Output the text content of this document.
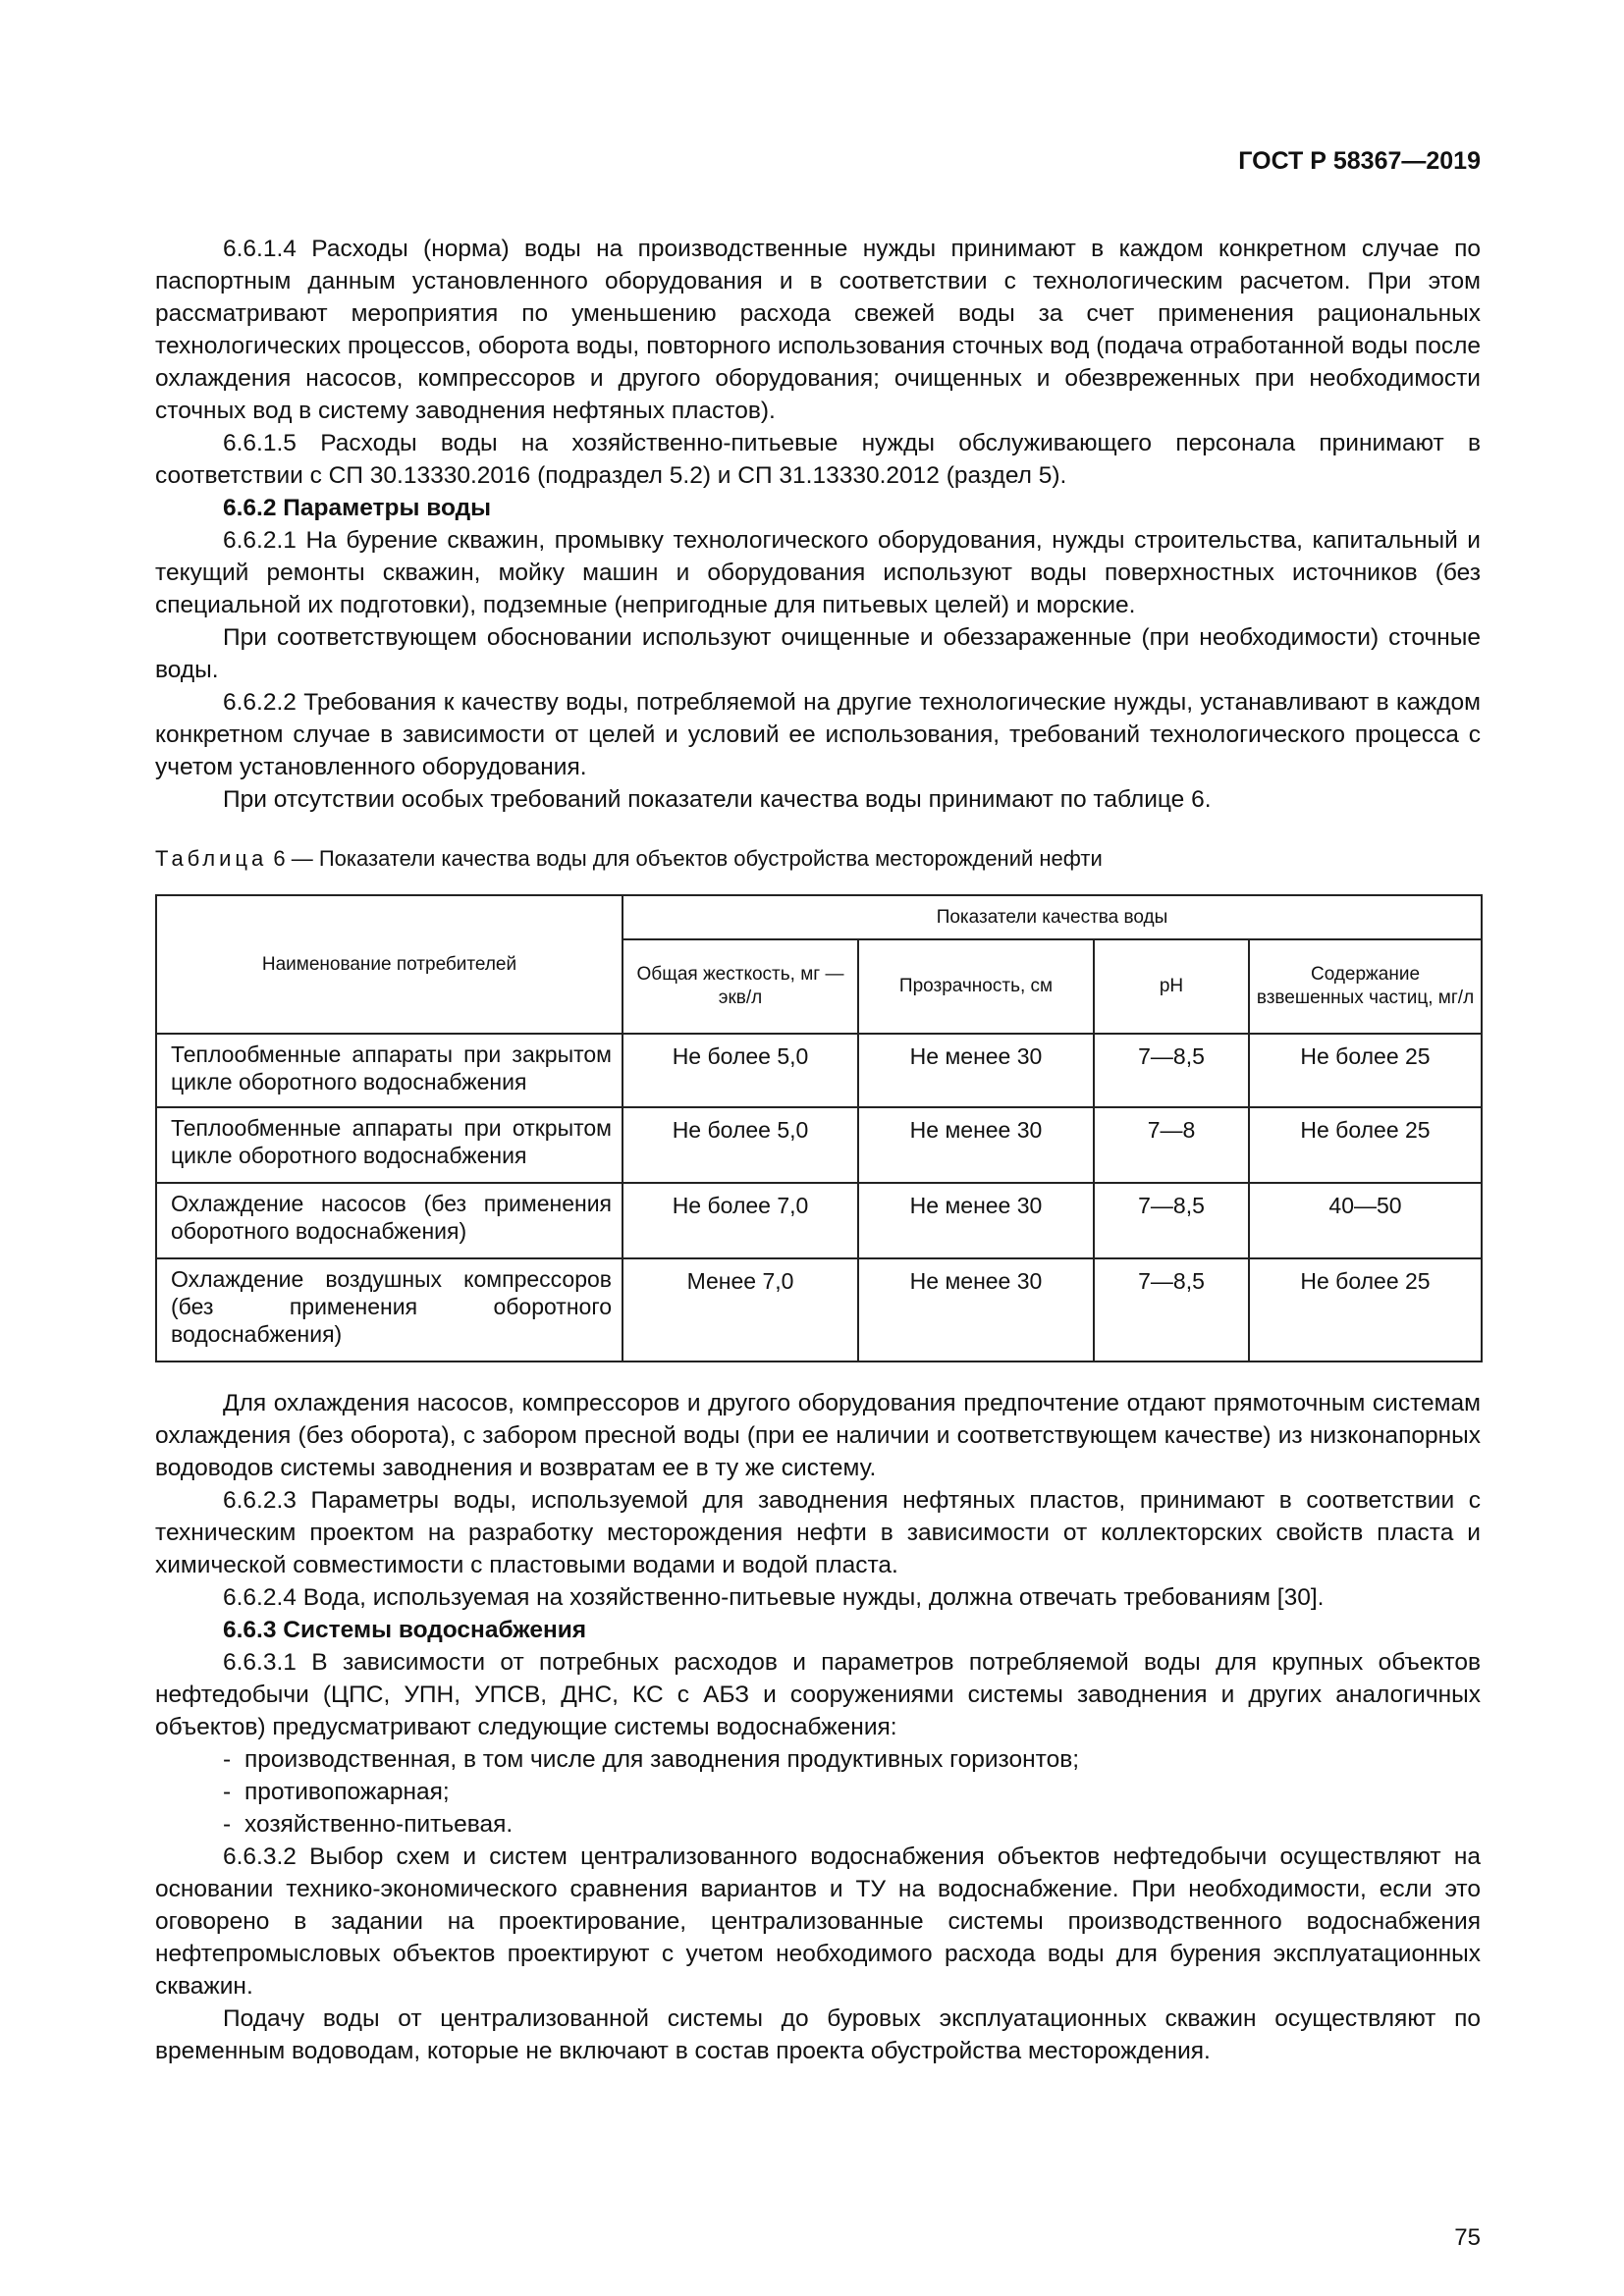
ГОСТ Р 58367—2019

6.6.1.4 Расходы (норма) воды на производственные нужды принимают в каждом конкретном случае по паспортным данным установленного оборудования и в соответствии с технологическим расчетом. При этом рассматривают мероприятия по уменьшению расхода свежей воды за счет применения рациональных технологических процессов, оборота воды, повторного использования сточных вод (подача отработанной воды после охлаждения насосов, компрессоров и другого оборудования; очищенных и обезвреженных при необходимости сточных вод в систему заводнения нефтяных пластов).

6.6.1.5 Расходы воды на хозяйственно-питьевые нужды обслуживающего персонала принимают в соответствии с СП 30.13330.2016 (подраздел 5.2) и СП 31.13330.2012 (раздел 5).

6.6.2 Параметры воды

6.6.2.1 На бурение скважин, промывку технологического оборудования, нужды строительства, капитальный и текущий ремонты скважин, мойку машин и оборудования используют воды поверхностных источников (без специальной их подготовки), подземные (непригодные для питьевых целей) и морские.

При соответствующем обосновании используют очищенные и обеззараженные (при необходимости) сточные воды.

6.6.2.2 Требования к качеству воды, потребляемой на другие технологические нужды, устанавливают в каждом конкретном случае в зависимости от целей и условий ее использования, требований технологического процесса с учетом установленного оборудования.

При отсутствии особых требований показатели качества воды принимают по таблице 6.

Таблица 6 — Показатели качества воды для объектов обустройства месторождений нефти
Наименование потребителей	Показатели качества воды			
	Общая жесткость, мг — экв/л	Прозрачность, см	pH	Содержание взвешенных частиц, мг/л
Теплообменные аппараты при закрытом цикле оборотного водоснабжения	Не более 5,0	Не менее 30	7—8,5	Не более 25
Теплообменные аппараты при открытом цикле оборотного водоснабжения	Не более 5,0	Не менее 30	7—8	Не более 25
Охлаждение насосов (без применения оборотного водоснабжения)	Не более 7,0	Не менее 30	7—8,5	40—50
Охлаждение воздушных компрессоров (без применения оборотного водоснабжения)	Менее 7,0	Не менее 30	7—8,5	Не более 25

Для охлаждения насосов, компрессоров и другого оборудования предпочтение отдают прямоточным системам охлаждения (без оборота), с забором пресной воды (при ее наличии и соответствующем качестве) из низконапорных водоводов системы заводнения и возвратам ее в ту же систему.

6.6.2.3 Параметры воды, используемой для заводнения нефтяных пластов, принимают в соответствии с техническим проектом на разработку месторождения нефти в зависимости от коллекторских свойств пласта и химической совместимости с пластовыми водами и водой пласта.

6.6.2.4 Вода, используемая на хозяйственно-питьевые нужды, должна отвечать требованиям [30].

6.6.3 Системы водоснабжения

6.6.3.1 В зависимости от потребных расходов и параметров потребляемой воды для крупных объектов нефтедобычи (ЦПС, УПН, УПСВ, ДНС, КС с АБЗ и сооружениями системы заводнения и других аналогичных объектов) предусматривают следующие системы водоснабжения:

- производственная, в том числе для заводнения продуктивных горизонтов;
- противопожарная;
- хозяйственно-питьевая.

6.6.3.2 Выбор схем и систем централизованного водоснабжения объектов нефтедобычи осуществляют на основании технико-экономического сравнения вариантов и ТУ на водоснабжение. При необходимости, если это оговорено в задании на проектирование, централизованные системы производственного водоснабжения нефтепромысловых объектов проектируют с учетом необходимого расхода воды для бурения эксплуатационных скважин.

Подачу воды от централизованной системы до буровых эксплуатационных скважин осуществляют по временным водоводам, которые не включают в состав проекта обустройства месторождения.

75
